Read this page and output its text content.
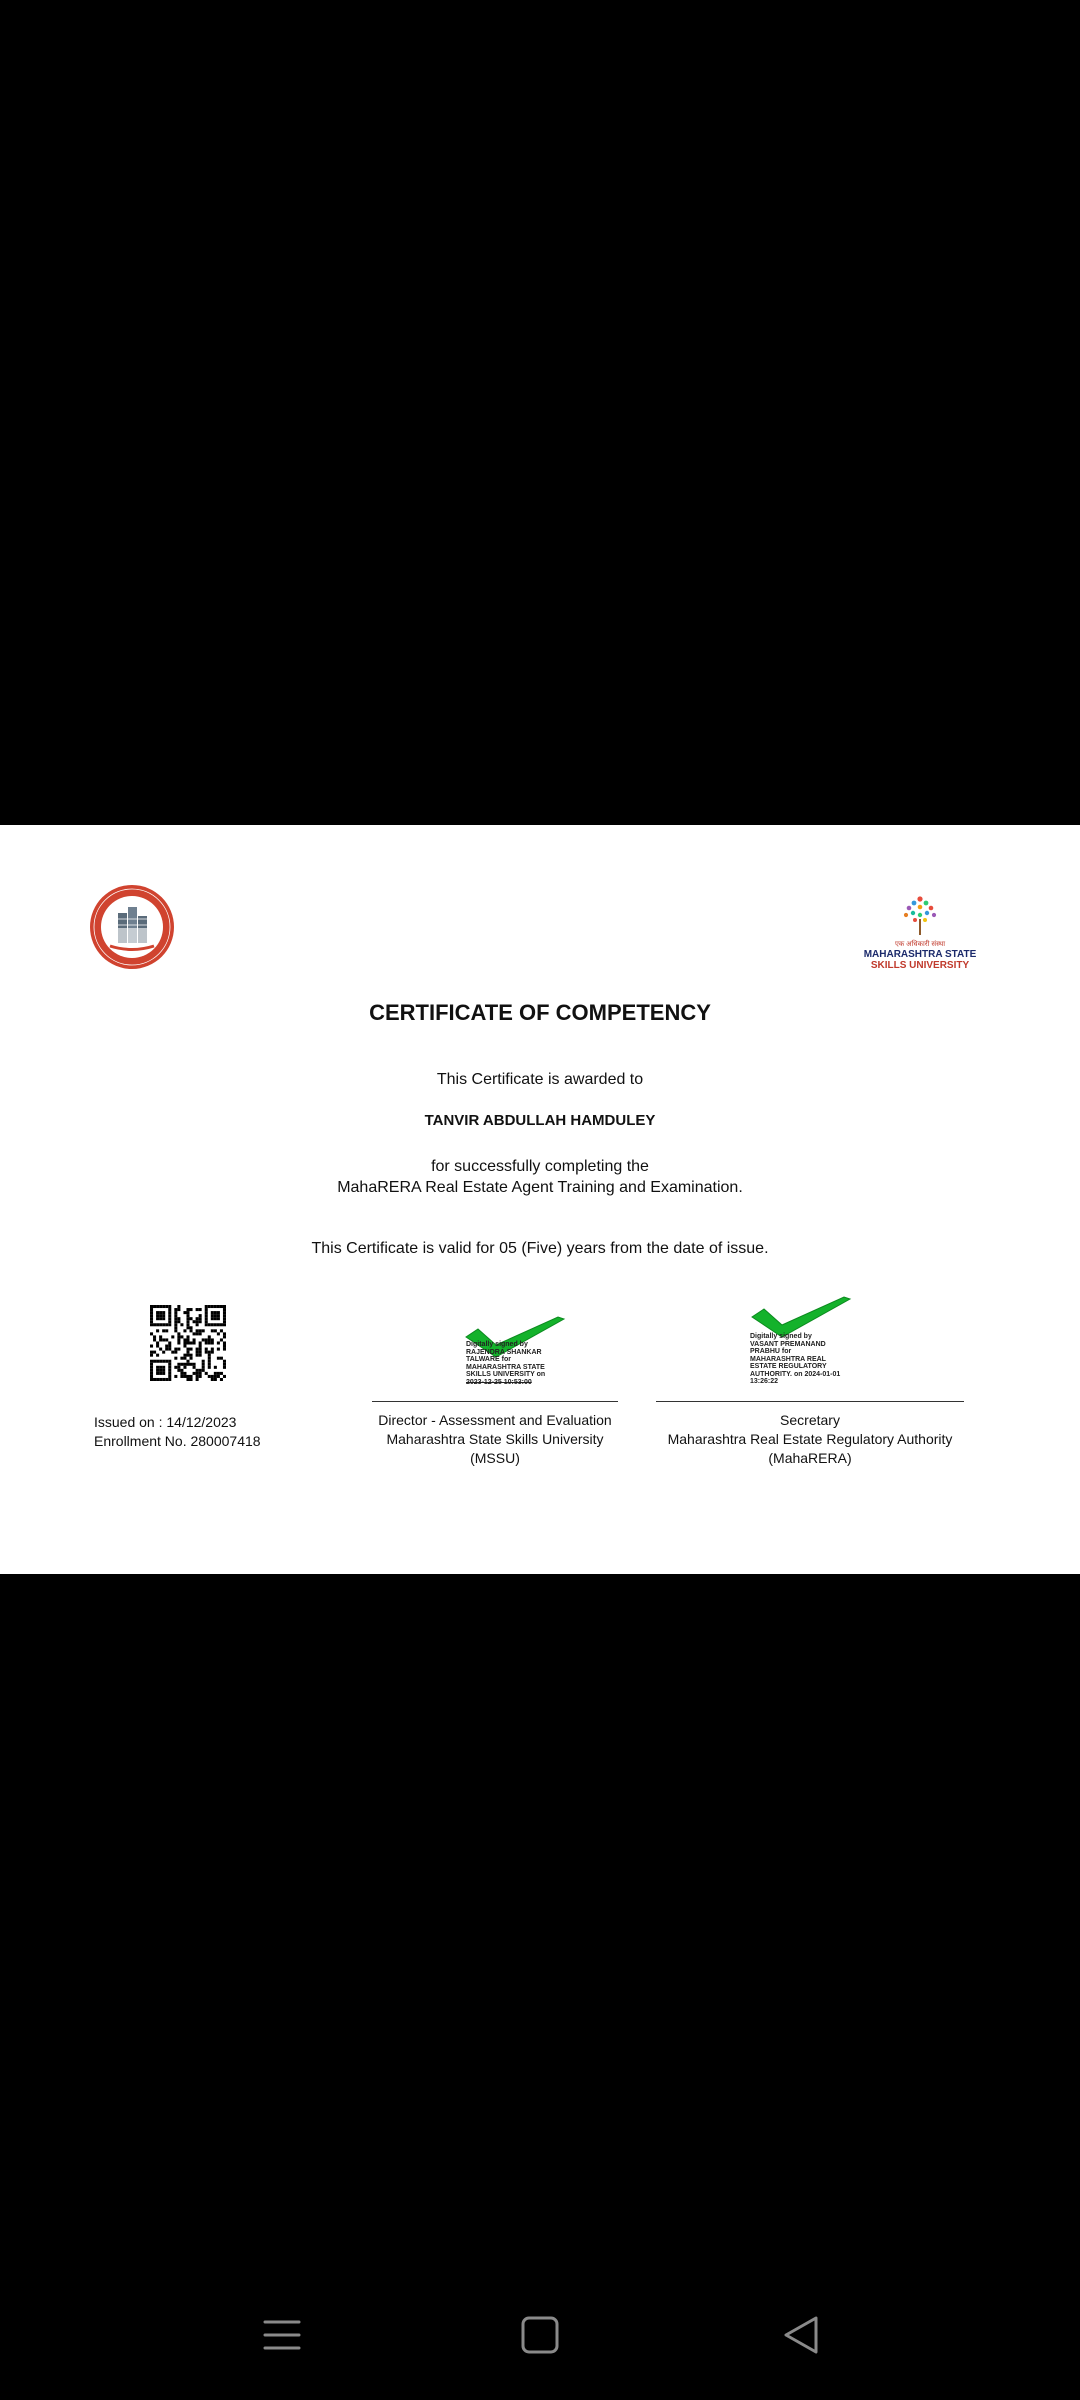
एक अधिकारी संस्था
MAHARASHTRA STATE
SKILLS UNIVERSITY
CERTIFICATE OF COMPETENCY
This Certificate is awarded to
TANVIR ABDULLAH HAMDULEY
for successfully completing the
MahaRERA Real Estate Agent Training and Examination.
This Certificate is valid for 05 (Five) years from the date of issue.
Issued on : 14/12/2023
Enrollment No. 280007418
Digitally signed by
RAJENDRA SHANKAR
TALWARE for
MAHARASHTRA STATE
SKILLS UNIVERSITY on
2023-12-25 10:53:00
Director - Assessment and Evaluation
Maharashtra State Skills University
(MSSU)
Digitally signed by
VASANT PREMANAND
PRABHU for
MAHARASHTRA REAL
ESTATE REGULATORY
AUTHORITY. on 2024-01-01
13:26:22
Secretary
Maharashtra Real Estate Regulatory Authority
(MahaRERA)
